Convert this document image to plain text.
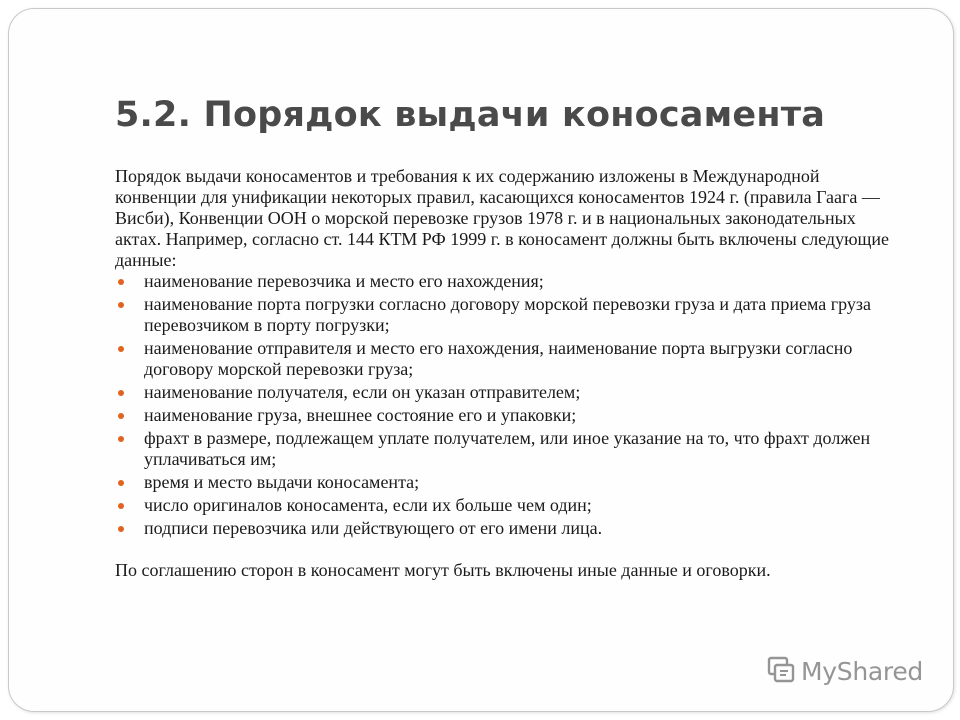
5.2. Порядок выдачи коносамента

Порядок выдачи коносаментов и требования к их содержанию изложены в Международной конвенции для унификации некоторых правил, касающихся коносаментов 1924 г. (правила Гаага — Висби), Конвенции ООН о морской перевозке грузов 1978 г. и в национальных законодательных актах. Например, согласно ст. 144 КТМ РФ 1999 г. в коносамент должны быть включены следующие данные:

наименование перевозчика и место его нахождения;
наименование порта погрузки согласно договору морской перевозки груза и дата приема груза перевозчиком в порту погрузки;
наименование отправителя и место его нахождения, наименование порта выгрузки согласно договору морской перевозки груза;
наименование получателя, если он указан отправителем;
наименование груза, внешнее состояние его и упаковки;
фрахт в размере, подлежащем уплате получателем, или иное указание на то, что фрахт должен уплачиваться им;
время и место выдачи коносамента;
число оригиналов коносамента, если их больше чем один;
подписи перевозчика или действующего от его имени лица.

По соглашению сторон в коносамент могут быть включены иные данные и оговорки.

MyShared
